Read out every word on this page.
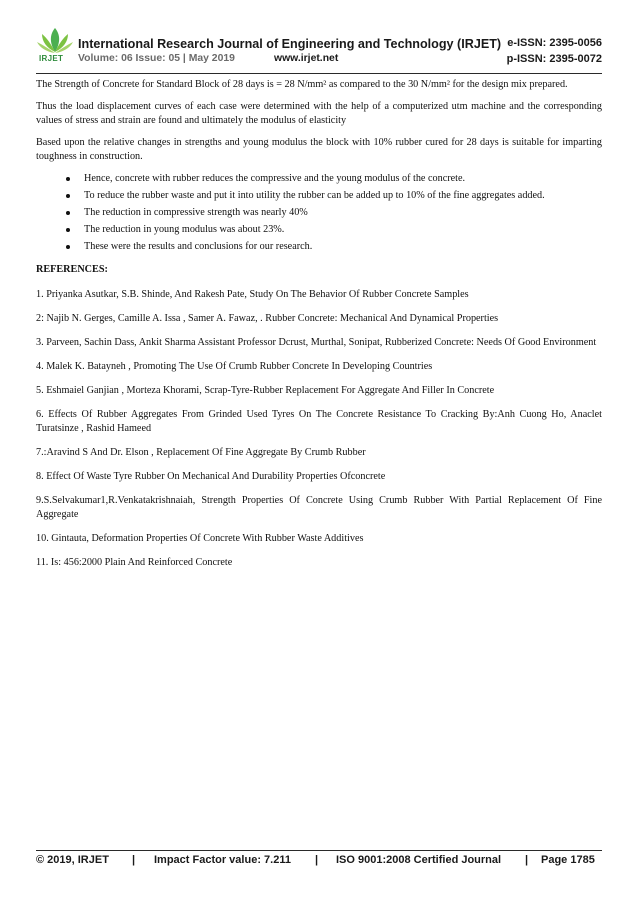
IRJET
International Research Journal of Engineering and Technology (IRJET) e-ISSN: 2395-0056
Volume: 06 Issue: 05 | May 2019	www.irjet.net	p-ISSN: 2395-0072

The Strength of Concrete for Standard Block of 28 days is = 28 N/mm² as compared to the 30 N/mm² for the design mix prepared.

Thus the load displacement curves of each case were determined with the help of a computerized utm machine and the corresponding values of stress and strain are found and ultimately the modulus of elasticity

Based upon the relative changes in strengths and young modulus the block with 10% rubber cured for 28 days is suitable for imparting toughness in construction.

Hence, concrete with rubber reduces the compressive and the young modulus of the concrete.
To reduce the rubber waste and put it into utility the rubber can be added up to 10% of the fine aggregates added.
The reduction in compressive strength was nearly 40%
The reduction in young modulus was about 23%.
These were the results and conclusions for our research.

REFERENCES:

1. Priyanka Asutkar, S.B. Shinde, And Rakesh Pate, Study On The Behavior Of Rubber Concrete Samples

2: Najib N. Gerges, Camille A. Issa , Samer A. Fawaz, . Rubber Concrete: Mechanical And Dynamical Properties

3. Parveen, Sachin Dass, Ankit Sharma Assistant Professor Dcrust, Murthal, Sonipat, Rubberized Concrete: Needs Of Good Environment

4. Malek K. Batayneh , Promoting The Use Of Crumb Rubber Concrete In Developing Countries

5. Eshmaiel Ganjian , Morteza Khorami, Scrap-Tyre-Rubber Replacement For Aggregate And Filler In Concrete

6. Effects Of Rubber Aggregates From Grinded Used Tyres On The Concrete Resistance To Cracking By:Anh Cuong Ho, Anaclet Turatsinze , Rashid Hameed

7.:Aravind S And Dr. Elson , Replacement Of Fine Aggregate By Crumb Rubber

8. Effect Of Waste Tyre Rubber On Mechanical And Durability Properties Ofconcrete

9.S.Selvakumar1,R.Venkatakrishnaiah, Strength Properties Of Concrete Using Crumb Rubber With Partial Replacement Of Fine Aggregate

10. Gintauta, Deformation Properties Of Concrete With Rubber Waste Additives

11. Is: 456:2000 Plain And Reinforced Concrete

© 2019, IRJET | Impact Factor value: 7.211 | ISO 9001:2008 Certified Journal | Page 1785
